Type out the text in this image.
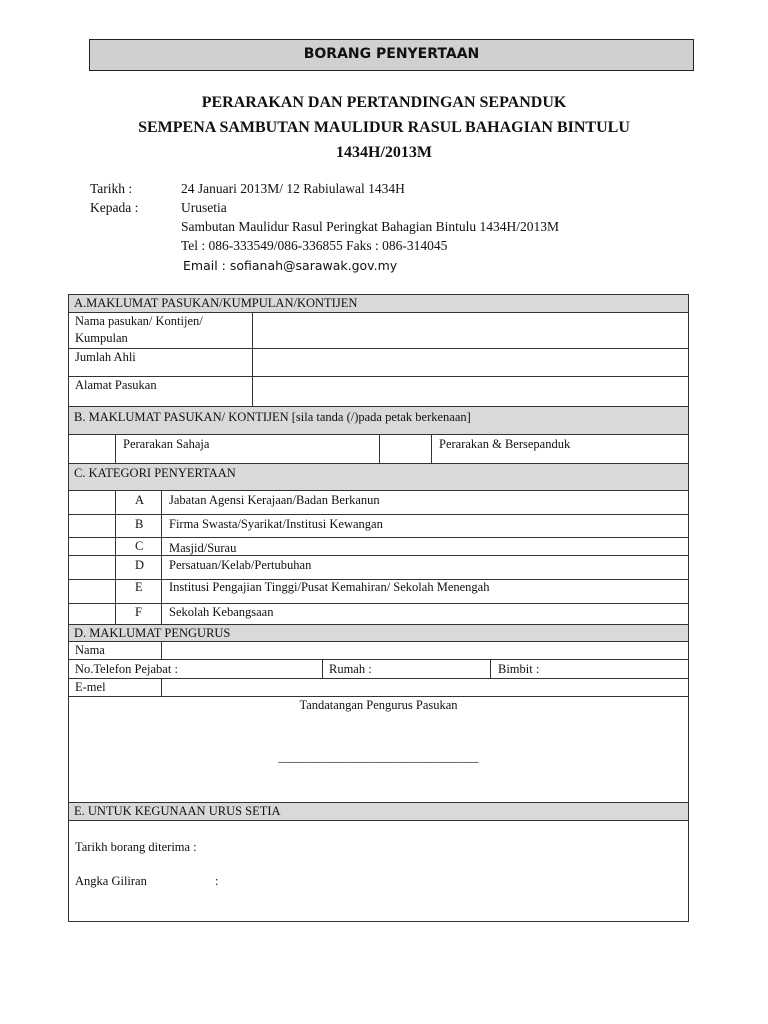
BORANG PENYERTAAN
PERARAKAN DAN PERTANDINGAN SEPANDUK
SEMPENA SAMBUTAN MAULIDUR RASUL BAHAGIAN BINTULU
1434H/2013M
Tarikh :	24 Januari 2013M/ 12 Rabiulawal 1434H
Kepada :	Urusetia
Sambutan Maulidur Rasul Peringkat Bahagian Bintulu 1434H/2013M
Tel : 086-333549/086-336855 Faks : 086-314045
Email : sofianah@sarawak.gov.my
A.MAKLUMAT PASUKAN/KUMPULAN/KONTIJEN
Nama pasukan/ Kontijen/
Kumpulan
Jumlah Ahli
Alamat Pasukan
B. MAKLUMAT PASUKAN/ KONTIJEN [sila tanda (/)pada petak berkenaan]
Perarakan Sahaja	Perarakan & Bersepanduk
C. KATEGORI PENYERTAAN
A Jabatan Agensi Kerajaan/Badan Berkanun
B Firma Swasta/Syarikat/Institusi Kewangan
C Masjid/Surau
D Persatuan/Kelab/Pertubuhan
E Institusi Pengajian Tinggi/Pusat Kemahiran/ Sekolah Menengah
F Sekolah Kebangsaan
D. MAKLUMAT PENGURUS
Nama
No.Telefon Pejabat :	Rumah :	Bimbit :
E-mel
Tandatangan Pengurus Pasukan
________________________________
E. UNTUK KEGUNAAN URUS SETIA
Tarikh borang diterima :
Angka Giliran	:
